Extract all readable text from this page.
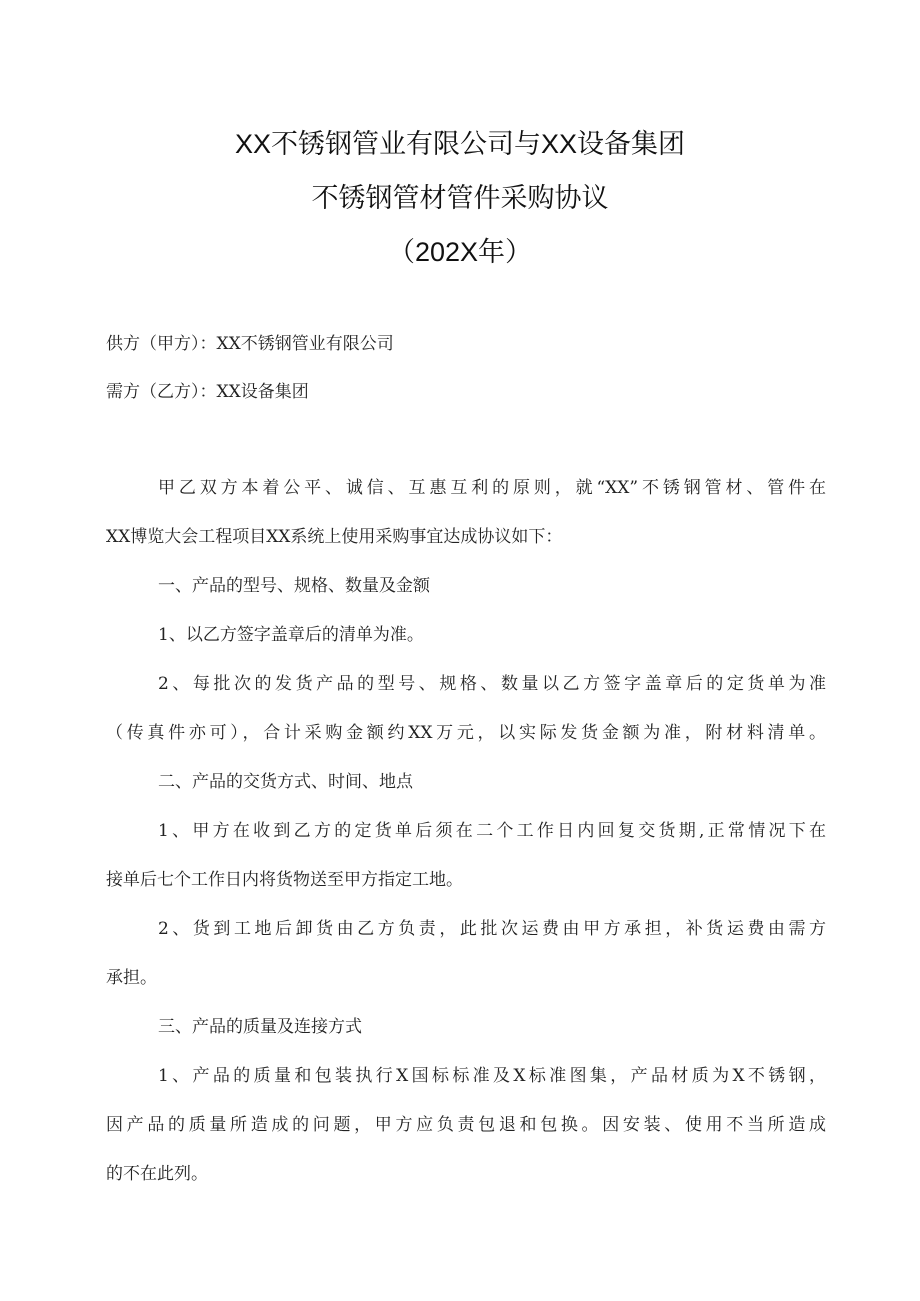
XX不锈钢管业有限公司与XX设备集团
不锈钢管材管件采购协议
（202X年）
供方（甲方）：XX不锈钢管业有限公司
需方（乙方）：XX设备集团
甲乙双方本着公平、诚信、互惠互利的原则，就“XX”不锈钢管材、管件在
XX博览大会工程项目XX系统上使用采购事宜达成协议如下：
一、产品的型号、规格、数量及金额
1、以乙方签字盖章后的清单为准。
2、每批次的发货产品的型号、规格、数量以乙方签字盖章后的定货单为准
（传真件亦可），合计采购金额约XX万元，以实际发货金额为准，附材料清单。
二、产品的交货方式、时间、地点
1、甲方在收到乙方的定货单后须在二个工作日内回复交货期,正常情况下在
接单后七个工作日内将货物送至甲方指定工地。
2、货到工地后卸货由乙方负责，此批次运费由甲方承担，补货运费由需方
承担。
三、产品的质量及连接方式
1、产品的质量和包装执行X国标标准及X标准图集，产品材质为X不锈钢，
因产品的质量所造成的问题，甲方应负责包退和包换。因安装、使用不当所造成
的不在此列。
